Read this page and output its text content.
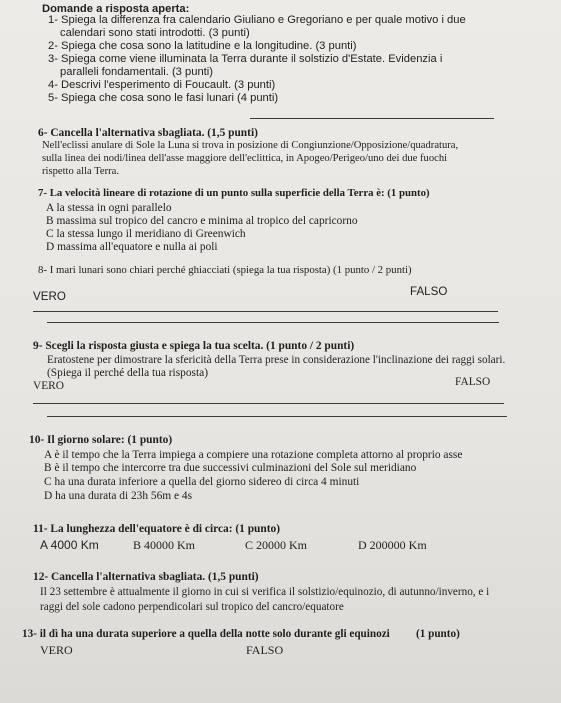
Domande a risposta aperta:
1- Spiega la differenza fra calendario Giuliano e Gregoriano e per quale motivo i due
calendari sono stati introdotti. (3 punti)
2- Spiega che cosa sono la latitudine e la longitudine. (3 punti)
3- Spiega come viene illuminata la Terra durante il solstizio d'Estate. Evidenzia i
paralleli fondamentali. (3 punti)
4- Descrivi l'esperimento di Foucault. (3 punti)
5- Spiega che cosa sono le fasi lunari (4 punti)
6- Cancella l'alternativa sbagliata. (1,5 punti)
Nell'eclissi anulare di Sole la Luna si trova in posizione di Congiunzione/Opposizione/quadratura,
sulla linea dei nodi/linea dell'asse maggiore dell'eclittica, in Apogeo/Perigeo/uno dei due fuochi
rispetto alla Terra.
7- La velocità lineare di rotazione di un punto sulla superficie della Terra è: (1 punto)
A la stessa in ogni parallelo
B massima sul tropico del cancro e minima al tropico del capricorno
C la stessa lungo il meridiano di Greenwich
D massima all'equatore e nulla ai poli
8- I mari lunari sono chiari perché ghiacciati (spiega la tua risposta) (1 punto / 2 punti)
VERO	FALSO
9- Scegli la risposta giusta e spiega la tua scelta. (1 punto / 2 punti)
Eratostene per dimostrare la sfericità della Terra prese in considerazione l'inclinazione dei raggi solari.
(Spiega il perché della tua risposta)
VERO	FALSO
10- Il giorno solare: (1 punto)
A è il tempo che la Terra impiega a compiere una rotazione completa attorno al proprio asse
B è il tempo che intercorre tra due successivi culminazioni del Sole sul meridiano
C ha una durata inferiore a quella del giorno sidereo di circa 4 minuti
D ha una durata di 23h 56m e 4s
11- La lunghezza dell'equatore è di circa: (1 punto)
A 4000 Km	B 40000 Km	C 20000 Km	D 200000 Km
12- Cancella l'alternativa sbagliata. (1,5 punti)
Il 23 settembre è attualmente il giorno in cui si verifica il solstizio/equinozio, di autunno/inverno, e i
raggi del sole cadono perpendicolari sul tropico del cancro/equatore
13- il dì ha una durata superiore a quella della notte solo durante gli equinozi (1 punto)
VERO	FALSO
